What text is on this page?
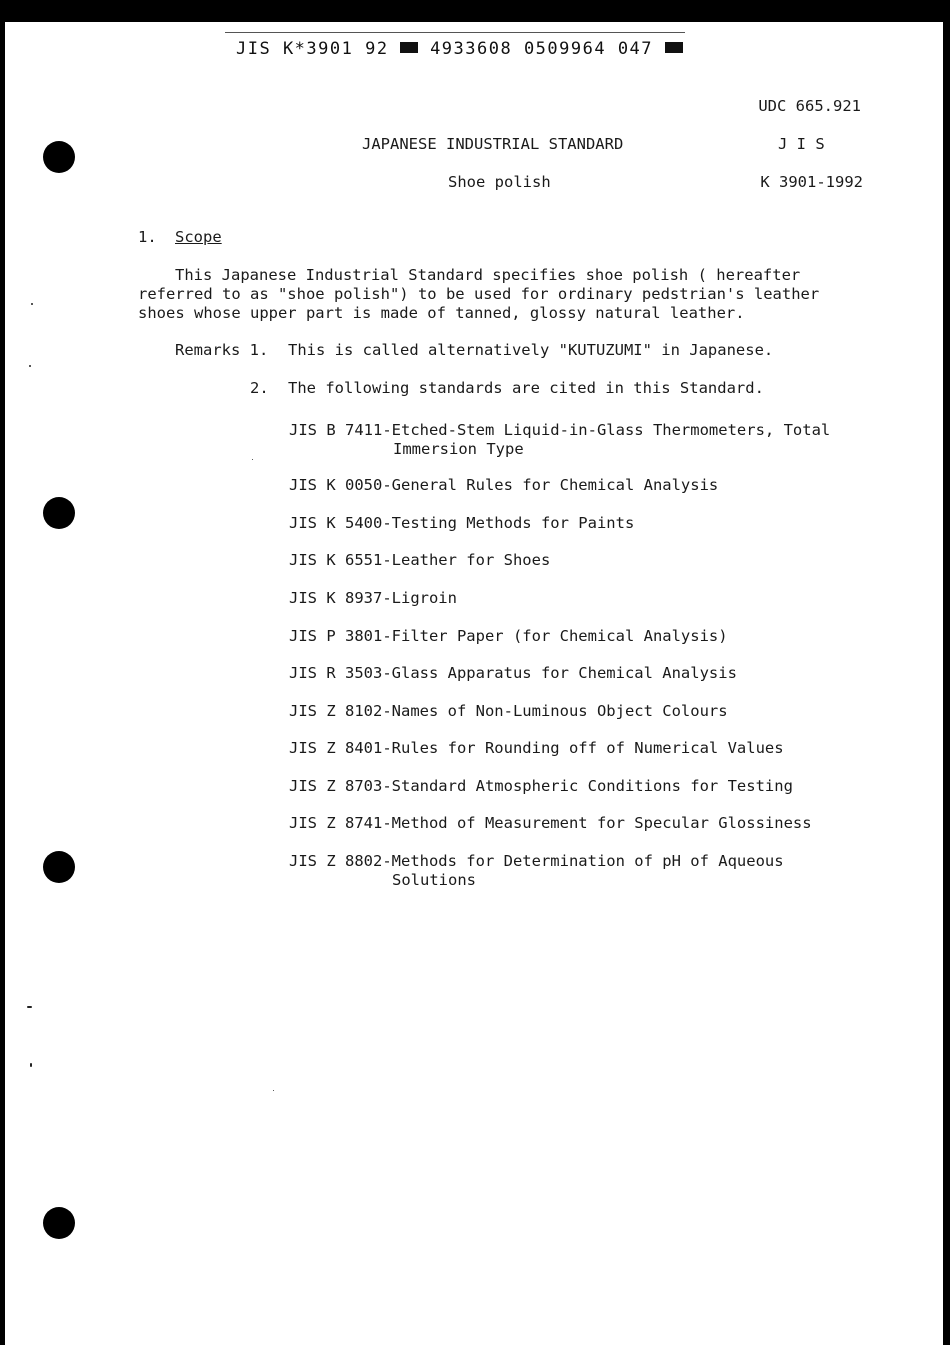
JIS K*3901 92 4933608 0509964 047
UDC 665.921
J I S
K 3901-1992
JAPANESE INDUSTRIAL STANDARD
Shoe polish
1. Scope
This Japanese Industrial Standard specifies shoe polish ( hereafter
referred to as "shoe polish") to be used for ordinary pedstrian's leather
shoes whose upper part is made of tanned, glossy natural leather.
Remarks 1. This is called alternatively "KUTUZUMI" in Japanese.
2. The following standards are cited in this Standard.
JIS B 7411-Etched-Stem Liquid-in-Glass Thermometers, Total
Immersion Type
JIS K 0050-General Rules for Chemical Analysis
JIS K 5400-Testing Methods for Paints
JIS K 6551-Leather for Shoes
JIS K 8937-Ligroin
JIS P 3801-Filter Paper (for Chemical Analysis)
JIS R 3503-Glass Apparatus for Chemical Analysis
JIS Z 8102-Names of Non-Luminous Object Colours
JIS Z 8401-Rules for Rounding off of Numerical Values
JIS Z 8703-Standard Atmospheric Conditions for Testing
JIS Z 8741-Method of Measurement for Specular Glossiness
JIS Z 8802-Methods for Determination of pH of Aqueous
Solutions
